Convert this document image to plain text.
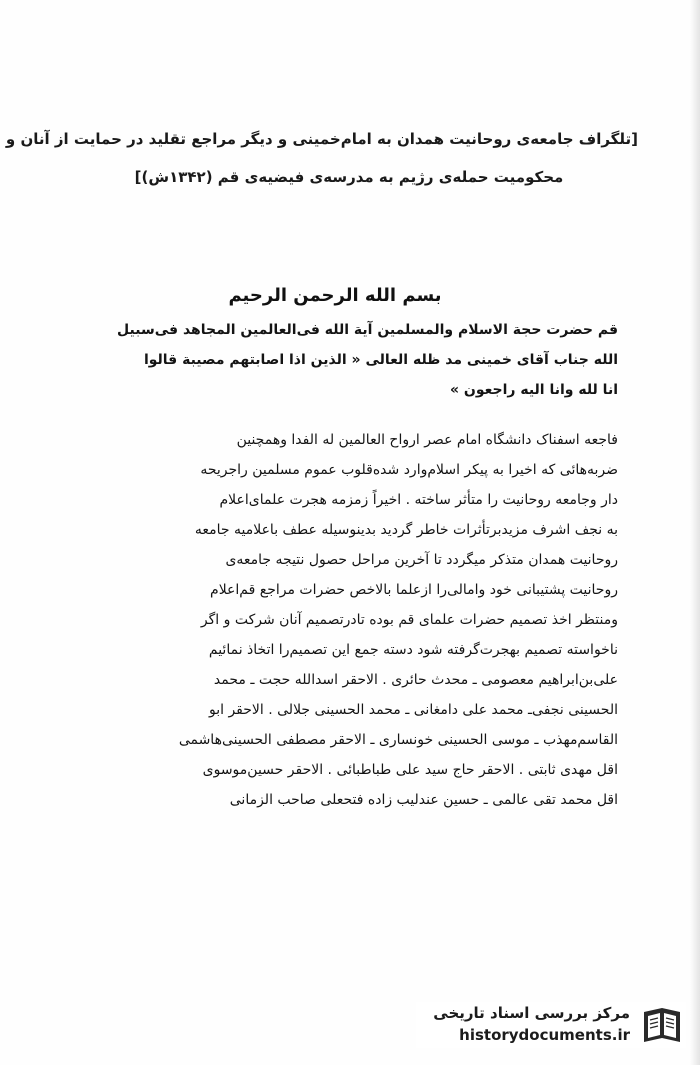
[تلگراف جامعه‌ی روحانیت همدان به امام‌خمینی و دیگر مراجع تقلید در حمایت از آنان و
محکومیت حمله‌ی رژیم به مدرسه‌ی فیضیه‌ی قم (۱۳۴۲ش)]
بسم الله الرحمن الرحیم
قم حضرت حجة الاسلام والمسلمین آیة الله فی‌العالمین المجاهد فی‌سبیل
الله جناب آقای خمینی مد ظله العالی « الذین اذا اصابتهم مصیبة قالوا
انا لله وانا الیه راجعون »
فاجعه اسفناک دانشگاه امام عصر ارواح العالمین له الفدا وهمچنین
ضربه‌هائی که اخیرا به پیکر اسلام‌وارد شده‌قلوب عموم مسلمین راجریحه
دار وجامعه روحانیت را متأثر ساخته . اخیراً زمزمه هجرت علمای‌اعلام
به نجف اشرف مزیدبرتأثرات خاطر گردید بدینوسیله عطف باعلامیه جامعه
روحانیت همدان متذکر میگردد تا آخرین مراحل حصول نتیجه جامعه‌ی
روحانیت پشتیبانی خود وامالی‌را ازعلما بالاخص حضرات مراجع قم‌اعلام
ومنتظر اخذ تصمیم حضرات علمای قم بوده تادرتصمیم آنان شرکت و اگر
ناخواسته تصمیم بهجرت‌گرفته شود دسته جمع این تصمیم‌را اتخاذ نمائیم
علی‌بن‌ابراهیم معصومی ـ محدث حائری . الاحقر اسدالله حجت ـ محمد
الحسینی نجفی‌ـ محمد علی دامغانی ـ محمد الحسینی جلالی . الاحقر ابو
القاسم‌مهذب ـ موسی الحسینی خونساری ـ الاحقر مصطفی الحسینی‌هاشمی
اقل مهدی ثابتی . الاحقر حاج سید علی طباطبائی . الاحقر حسین‌موسوی
اقل محمد تقی عالمی ـ حسین عندلیب زاده فتحعلی صاحب الزمانی
مرکز بررسی اسناد تاریخی
historydocuments.ir
